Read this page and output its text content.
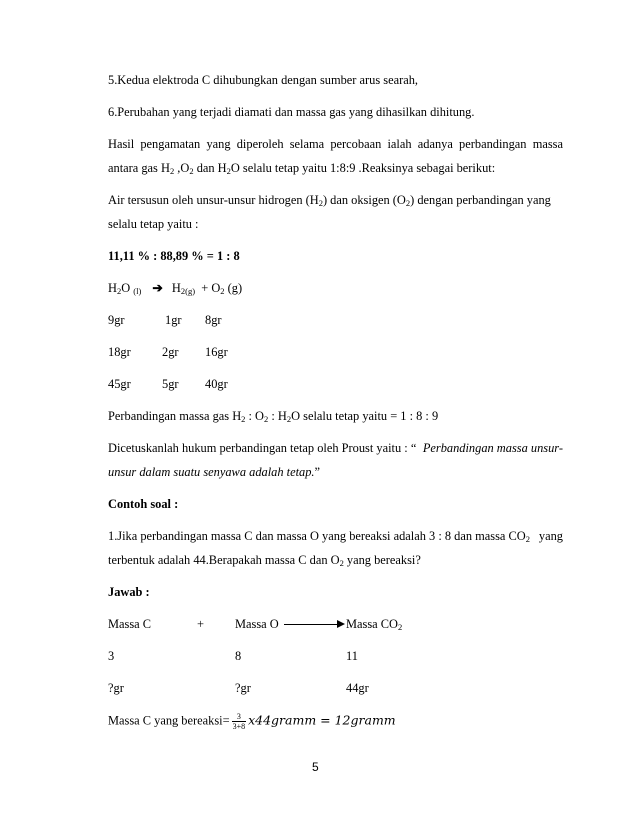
5.Kedua elektroda C dihubungkan dengan sumber arus searah,
6.Perubahan yang terjadi diamati dan massa gas yang dihasilkan dihitung.
Hasil pengamatan yang diperoleh selama percobaan ialah adanya perbandingan massa
antara gas $H_2$ $,O_2$ dan $H_2O$ selalu tetap yaitu 1:8:9 .Reaksinya sebagai berikut:
Air tersusun oleh unsur-unsur hidrogen $(H_2)$ dan oksigen $(O_2)$ dengan perbandingan yang
selalu tetap yaitu :
11,11 % : 88,89 % = 1 : 8
$H_2O$ $_{(l)}$ ➔ $H_{2(g)} + O_2$ (g)
9gr	1gr 8gr
18gr	2gr 16gr
45gr	5gr 40gr
Perbandingan massa gas $H_2$ : $O_2$ : $H_2O$ selalu tetap yaitu = 1 : 8 : 9
Dicetuskanlah hukum perbandingan tetap oleh Proust yaitu : “ Perbandingan massa unsur-
unsur dalam suatu senyawa adalah tetap.”
Contoh soal :
1.Jika perbandingan massa C dan massa O yang bereaksi adalah 3 : 8 dan massa $CO_2$ yang
terbentuk adalah 44.Berapakah massa C dan $O_2$ yang bereaksi?
Jawab :
Massa C	+	Massa O	Massa $CO_2$
3	8	11
?gr	?gr	44gr
Massa C yang bereaksi= $\frac{3}{3+8}$ x44gramm = 12gramm
5
